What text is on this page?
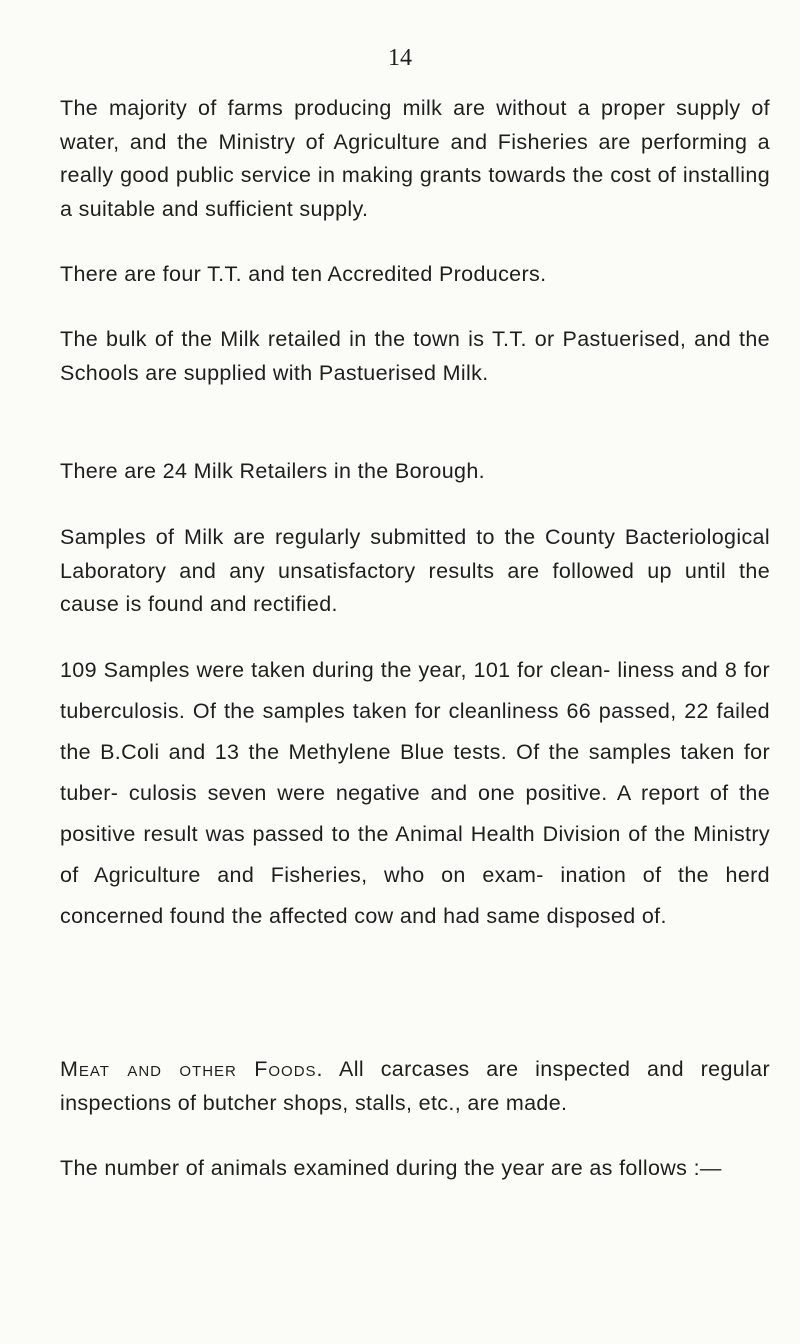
14

The majority of farms producing milk are without a proper supply of water, and the Ministry of Agriculture and Fisheries are performing a really good public service in making grants towards the cost of installing a suitable and sufficient supply.

There are four T.T. and ten Accredited Producers.

The bulk of the Milk retailed in the town is T.T. or Pastuerised, and the Schools are supplied with Pastuerised Milk.

There are 24 Milk Retailers in the Borough.

Samples of Milk are regularly submitted to the County Bacteriological Laboratory and any unsatisfactory results are followed up until the cause is found and rectified.

109 Samples were taken during the year, 101 for clean- liness and 8 for tuberculosis. Of the samples taken for cleanliness 66 passed, 22 failed the B.Coli and 13 the Methylene Blue tests. Of the samples taken for tuber- culosis seven were negative and one positive. A report of the positive result was passed to the Animal Health Division of the Ministry of Agriculture and Fisheries, who on exam- ination of the herd concerned found the affected cow and had same disposed of.

Meat and other Foods. All carcases are inspected and regular inspections of butcher shops, stalls, etc., are made.

The number of animals examined during the year are as follows :—
